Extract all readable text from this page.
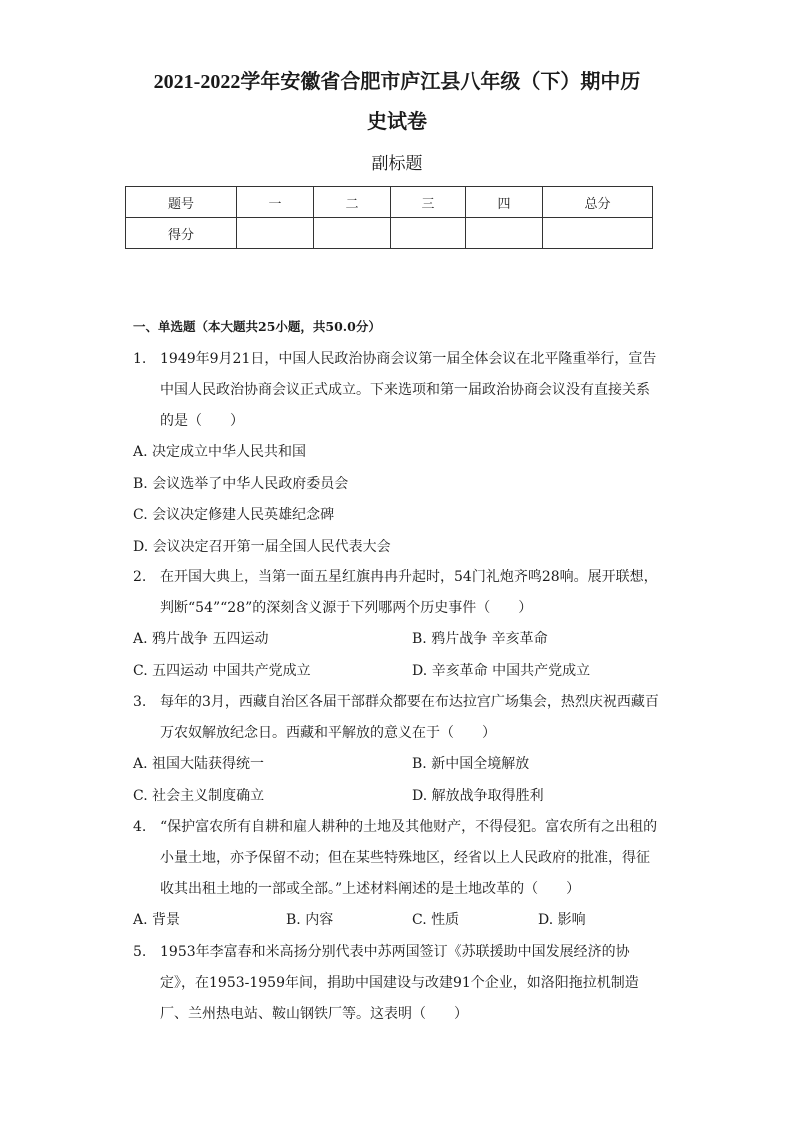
2021-2022学年安徽省合肥市庐江县八年级（下）期中历
史试卷
副标题
题号	一	二	三	四	总分
得分					
一、单选题（本大题共25小题，共50.0分）
1. 1949年9月21日，中国人民政治协商会议第一届全体会议在北平隆重举行，宣告中国人民政治协商会议正式成立。下来选项和第一届政治协商会议没有直接关系的是（　　）
A. 决定成立中华人民共和国
B. 会议选举了中华人民政府委员会
C. 会议决定修建人民英雄纪念碑
D. 会议决定召开第一届全国人民代表大会
2. 在开国大典上，当第一面五星红旗冉冉升起时，54门礼炮齐鸣28响。展开联想，判断“54”“28”的深刻含义源于下列哪两个历史事件（　　）
A. 鸦片战争 五四运动	B. 鸦片战争 辛亥革命
C. 五四运动 中国共产党成立	D. 辛亥革命 中国共产党成立
3. 每年的3月，西藏自治区各届干部群众都要在布达拉宫广场集会，热烈庆祝西藏百万农奴解放纪念日。西藏和平解放的意义在于（　　）
A. 祖国大陆获得统一	B. 新中国全境解放
C. 社会主义制度确立	D. 解放战争取得胜利
4. “保护富农所有自耕和雇人耕种的土地及其他财产，不得侵犯。富农所有之出租的小量土地，亦予保留不动；但在某些特殊地区，经省以上人民政府的批准，得征收其出租土地的一部或全部。”上述材料阐述的是土地改革的（　　）
A. 背景	B. 内容	C. 性质	D. 影响
5. 1953年李富春和米高扬分别代表中苏两国签订《苏联援助中国发展经济的协定》，在1953-1959年间，捐助中国建设与改建91个企业，如洛阳拖拉机制造厂、兰州热电站、鞍山钢铁厂等。这表明（　　）
